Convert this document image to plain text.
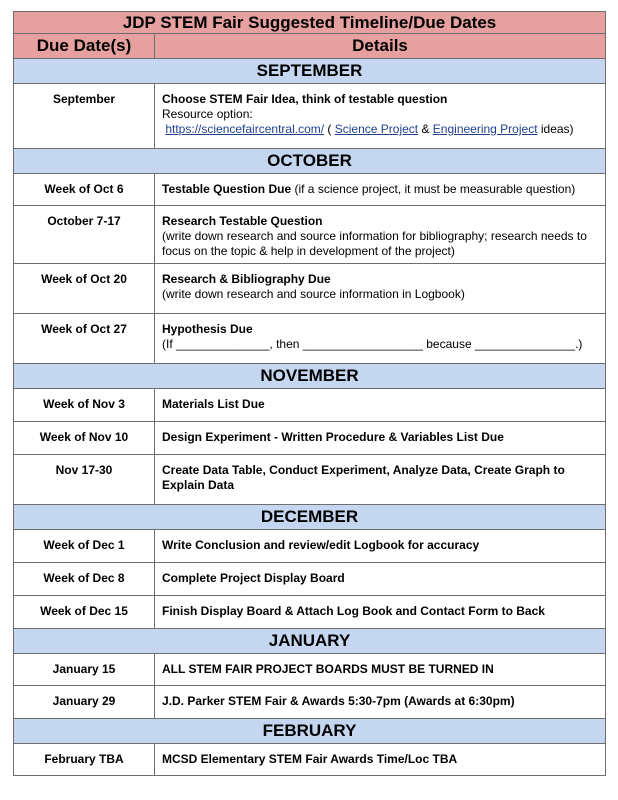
JDP STEM Fair Suggested Timeline/Due Dates	
Due Date(s)	Details
SEPTEMBER	
September	Choose STEM Fair Idea, think of testable question
Resource option:
https://sciencefaircentral.com/ ( Science Project & Engineering Project ideas)
OCTOBER	
Week of Oct 6	Testable Question Due (if a science project, it must be measurable question)
October 7-17	Research Testable Question
(write down research and source information for bibliography; research needs to focus on the topic & help in development of the project)
Week of Oct 20	Research & Bibliography Due
(write down research and source information in Logbook)
Week of Oct 27	Hypothesis Due
(If ______________, then __________________ because _______________.)
NOVEMBER	
Week of Nov 3	Materials List Due
Week of Nov 10	Design Experiment - Written Procedure & Variables List Due
Nov 17-30	Create Data Table, Conduct Experiment, Analyze Data, Create Graph to Explain Data
DECEMBER	
Week of Dec 1	Write Conclusion and review/edit Logbook for accuracy
Week of Dec 8	Complete Project Display Board
Week of Dec 15	Finish Display Board & Attach Log Book and Contact Form to Back
JANUARY	
January 15	ALL STEM FAIR PROJECT BOARDS MUST BE TURNED IN
January 29	J.D. Parker STEM Fair & Awards 5:30-7pm (Awards at 6:30pm)
FEBRUARY	
February TBA	MCSD Elementary STEM Fair Awards Time/Loc TBA
